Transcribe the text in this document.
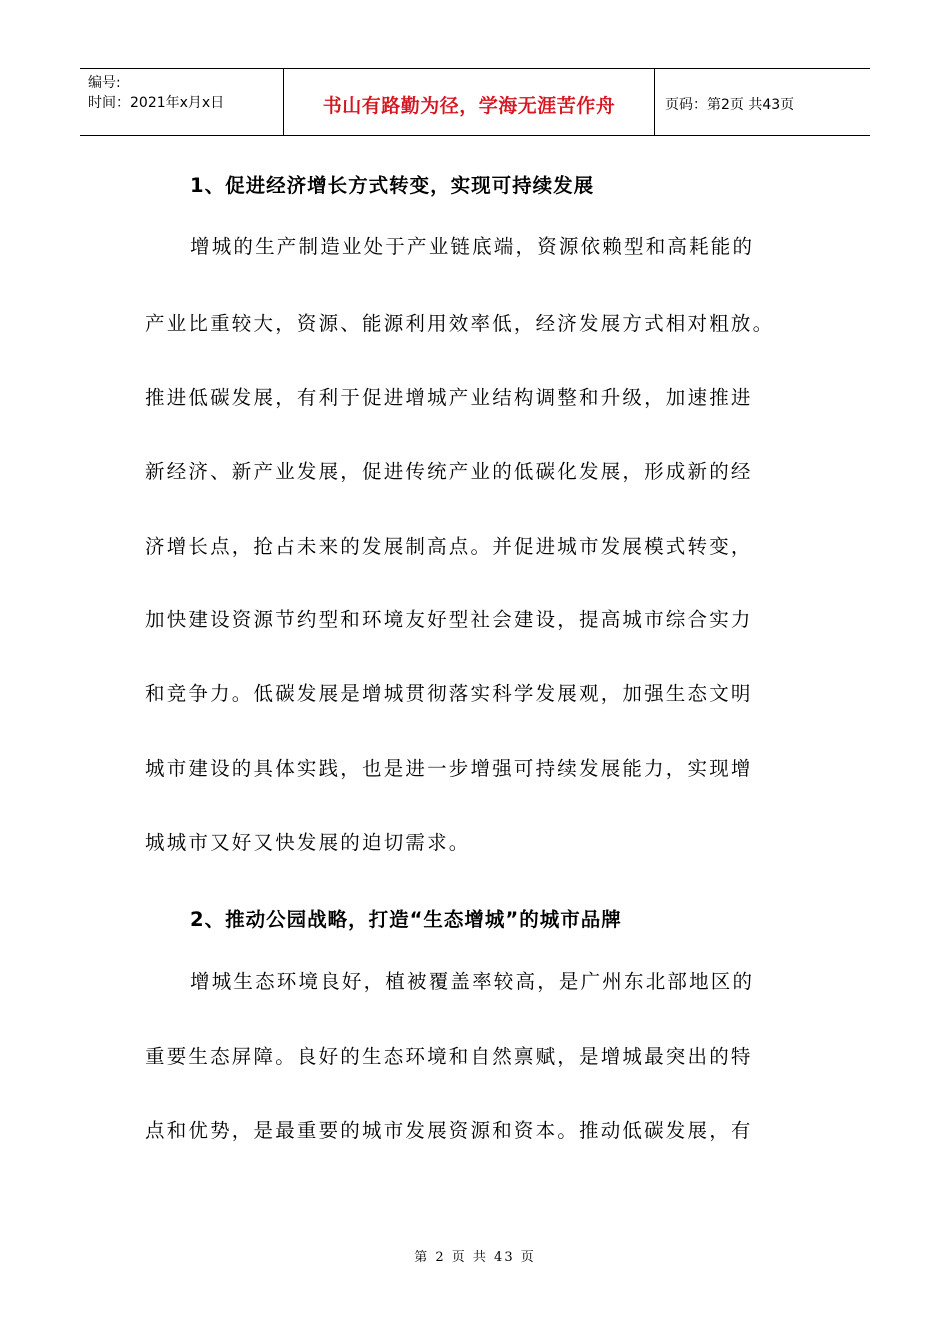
编号:
时间：2021年x月x日	书山有路勤为径，学海无涯苦作舟	页码：第2页 共43页
1、促进经济增长方式转变，实现可持续发展
增城的生产制造业处于产业链底端，资源依赖型和高耗能的
产业比重较大，资源、能源利用效率低，经济发展方式相对粗放。
推进低碳发展，有利于促进增城产业结构调整和升级，加速推进
新经济、新产业发展，促进传统产业的低碳化发展，形成新的经
济增长点，抢占未来的发展制高点。并促进城市发展模式转变，
加快建设资源节约型和环境友好型社会建设，提高城市综合实力
和竞争力。低碳发展是增城贯彻落实科学发展观，加强生态文明
城市建设的具体实践，也是进一步增强可持续发展能力，实现增
城城市又好又快发展的迫切需求。
2、推动公园战略，打造“生态增城”的城市品牌
增城生态环境良好，植被覆盖率较高，是广州东北部地区的
重要生态屏障。良好的生态环境和自然禀赋，是增城最突出的特
点和优势，是最重要的城市发展资源和资本。推动低碳发展，有
第 2 页 共 43 页
